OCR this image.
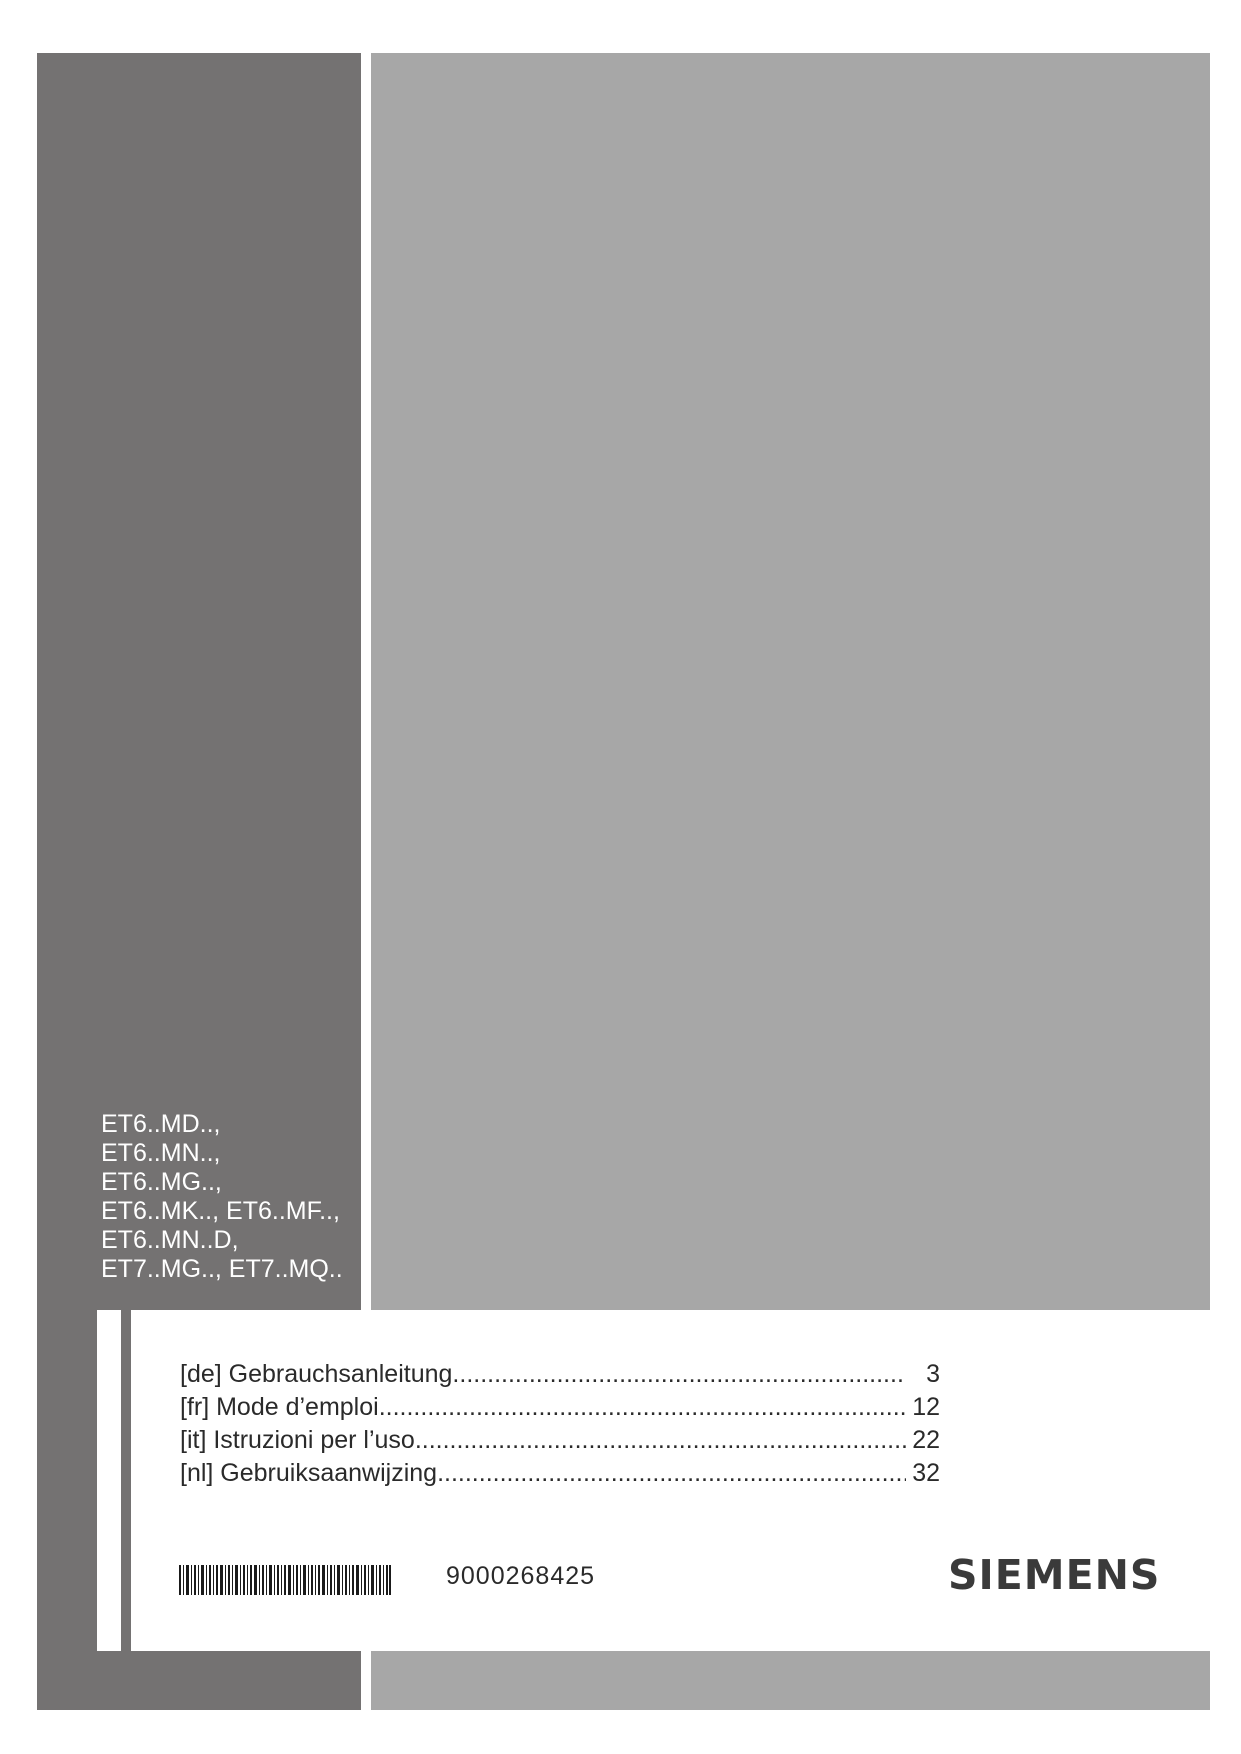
ET6..MD..,
ET6..MN..,
ET6..MG..,
ET6..MK.., ET6..MF..,
ET6..MN..D,
ET7..MG.., ET7..MQ..
[de] Gebrauchsanleitung .....	3
[fr] Mode d’emploi .....	12
[it] Istruzioni per l’uso .....	22
[nl] Gebruiksaanwijzing .....	32
9000268425	SIEMENS
